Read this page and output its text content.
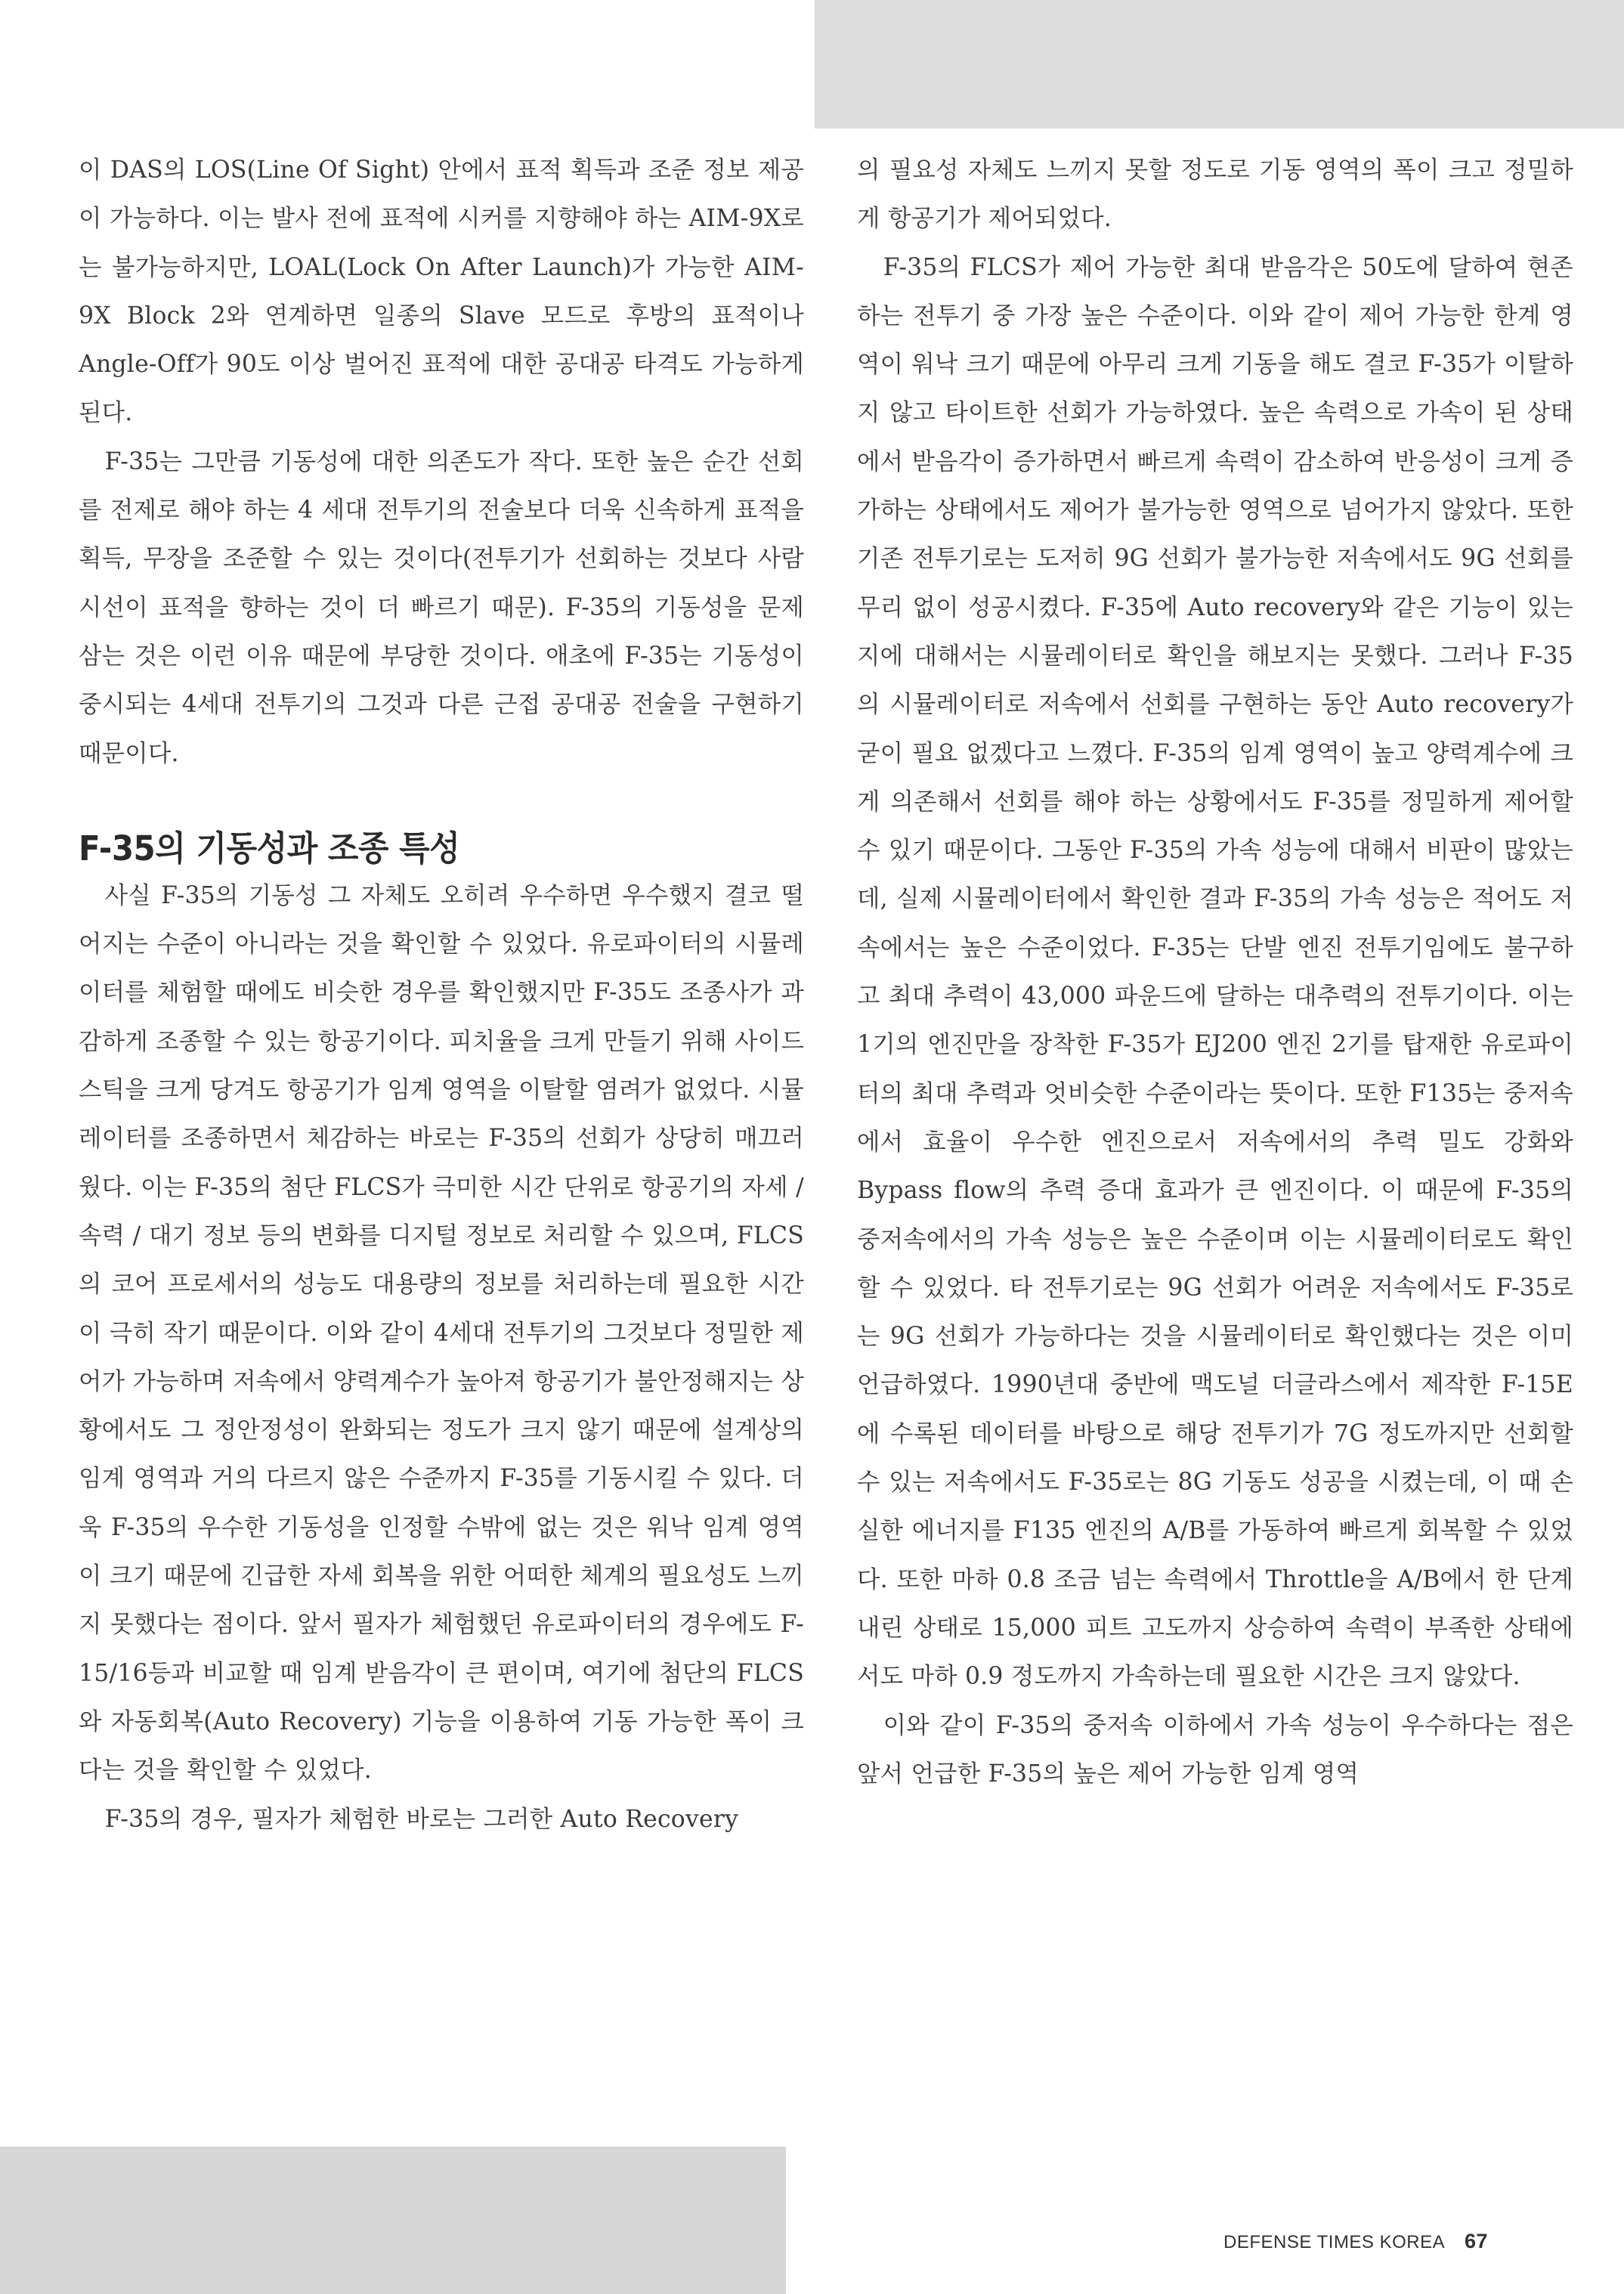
이 DAS의 LOS(Line Of Sight) 안에서 표적 획득과 조준 정보 제공이 가능하다. 이는 발사 전에 표적에 시커를 지향해야 하는 AIM-9X로는 불가능하지만, LOAL(Lock On After Launch)가 가능한 AIM-9X Block 2와 연계하면 일종의 Slave 모드로 후방의 표적이나 Angle-Off가 90도 이상 벌어진 표적에 대한 공대공 타격도 가능하게 된다.

F-35는 그만큼 기동성에 대한 의존도가 작다. 또한 높은 순간 선회를 전제로 해야 하는 4 세대 전투기의 전술보다 더욱 신속하게 표적을 획득, 무장을 조준할 수 있는 것이다(전투기가 선회하는 것보다 사람 시선이 표적을 향하는 것이 더 빠르기 때문). F-35의 기동성을 문제 삼는 것은 이런 이유 때문에 부당한 것이다. 애초에 F-35는 기동성이 중시되는 4세대 전투기의 그것과 다른 근접 공대공 전술을 구현하기 때문이다.

F-35의 기동성과 조종 특성

사실 F-35의 기동성 그 자체도 오히려 우수하면 우수했지 결코 떨어지는 수준이 아니라는 것을 확인할 수 있었다. 유로파이터의 시뮬레이터를 체험할 때에도 비슷한 경우를 확인했지만 F-35도 조종사가 과감하게 조종할 수 있는 항공기이다. 피치율을 크게 만들기 위해 사이드 스틱을 크게 당겨도 항공기가 임계 영역을 이탈할 염려가 없었다. 시뮬레이터를 조종하면서 체감하는 바로는 F-35의 선회가 상당히 매끄러웠다. 이는 F-35의 첨단 FLCS가 극미한 시간 단위로 항공기의 자세 / 속력 / 대기 정보 등의 변화를 디지털 정보로 처리할 수 있으며, FLCS의 코어 프로세서의 성능도 대용량의 정보를 처리하는데 필요한 시간이 극히 작기 때문이다. 이와 같이 4세대 전투기의 그것보다 정밀한 제어가 가능하며 저속에서 양력계수가 높아져 항공기가 불안정해지는 상황에서도 그 정안정성이 완화되는 정도가 크지 않기 때문에 설계상의 임계 영역과 거의 다르지 않은 수준까지 F-35를 기동시킬 수 있다. 더욱 F-35의 우수한 기동성을 인정할 수밖에 없는 것은 워낙 임계 영역이 크기 때문에 긴급한 자세 회복을 위한 어떠한 체계의 필요성도 느끼지 못했다는 점이다. 앞서 필자가 체험했던 유로파이터의 경우에도 F-15/16등과 비교할 때 임계 받음각이 큰 편이며, 여기에 첨단의 FLCS와 자동회복(Auto Recovery) 기능을 이용하여 기동 가능한 폭이 크다는 것을 확인할 수 있었다.

F-35의 경우, 필자가 체험한 바로는 그러한 Auto Recovery

의 필요성 자체도 느끼지 못할 정도로 기동 영역의 폭이 크고 정밀하게 항공기가 제어되었다.

F-35의 FLCS가 제어 가능한 최대 받음각은 50도에 달하여 현존하는 전투기 중 가장 높은 수준이다. 이와 같이 제어 가능한 한계 영역이 워낙 크기 때문에 아무리 크게 기동을 해도 결코 F-35가 이탈하지 않고 타이트한 선회가 가능하였다. 높은 속력으로 가속이 된 상태에서 받음각이 증가하면서 빠르게 속력이 감소하여 반응성이 크게 증가하는 상태에서도 제어가 불가능한 영역으로 넘어가지 않았다. 또한 기존 전투기로는 도저히 9G 선회가 불가능한 저속에서도 9G 선회를 무리 없이 성공시켰다. F-35에 Auto recovery와 같은 기능이 있는지에 대해서는 시뮬레이터로 확인을 해보지는 못했다. 그러나 F-35의 시뮬레이터로 저속에서 선회를 구현하는 동안 Auto recovery가 굳이 필요 없겠다고 느꼈다. F-35의 임계 영역이 높고 양력계수에 크게 의존해서 선회를 해야 하는 상황에서도 F-35를 정밀하게 제어할 수 있기 때문이다. 그동안 F-35의 가속 성능에 대해서 비판이 많았는데, 실제 시뮬레이터에서 확인한 결과 F-35의 가속 성능은 적어도 저속에서는 높은 수준이었다. F-35는 단발 엔진 전투기임에도 불구하고 최대 추력이 43,000 파운드에 달하는 대추력의 전투기이다. 이는 1기의 엔진만을 장착한 F-35가 EJ200 엔진 2기를 탑재한 유로파이터의 최대 추력과 엇비슷한 수준이라는 뜻이다. 또한 F135는 중저속에서 효율이 우수한 엔진으로서 저속에서의 추력 밀도 강화와 Bypass flow의 추력 증대 효과가 큰 엔진이다. 이 때문에 F-35의 중저속에서의 가속 성능은 높은 수준이며 이는 시뮬레이터로도 확인할 수 있었다. 타 전투기로는 9G 선회가 어려운 저속에서도 F-35로는 9G 선회가 가능하다는 것을 시뮬레이터로 확인했다는 것은 이미 언급하였다. 1990년대 중반에 맥도널 더글라스에서 제작한 F-15E에 수록된 데이터를 바탕으로 해당 전투기가 7G 정도까지만 선회할 수 있는 저속에서도 F-35로는 8G 기동도 성공을 시켰는데, 이 때 손실한 에너지를 F135 엔진의 A/B를 가동하여 빠르게 회복할 수 있었다. 또한 마하 0.8 조금 넘는 속력에서 Throttle을 A/B에서 한 단계 내린 상태로 15,000 피트 고도까지 상승하여 속력이 부족한 상태에서도 마하 0.9 정도까지 가속하는데 필요한 시간은 크지 않았다.

이와 같이 F-35의 중저속 이하에서 가속 성능이 우수하다는 점은 앞서 언급한 F-35의 높은 제어 가능한 임계 영역

DEFENSE TIMES KOREA 67
